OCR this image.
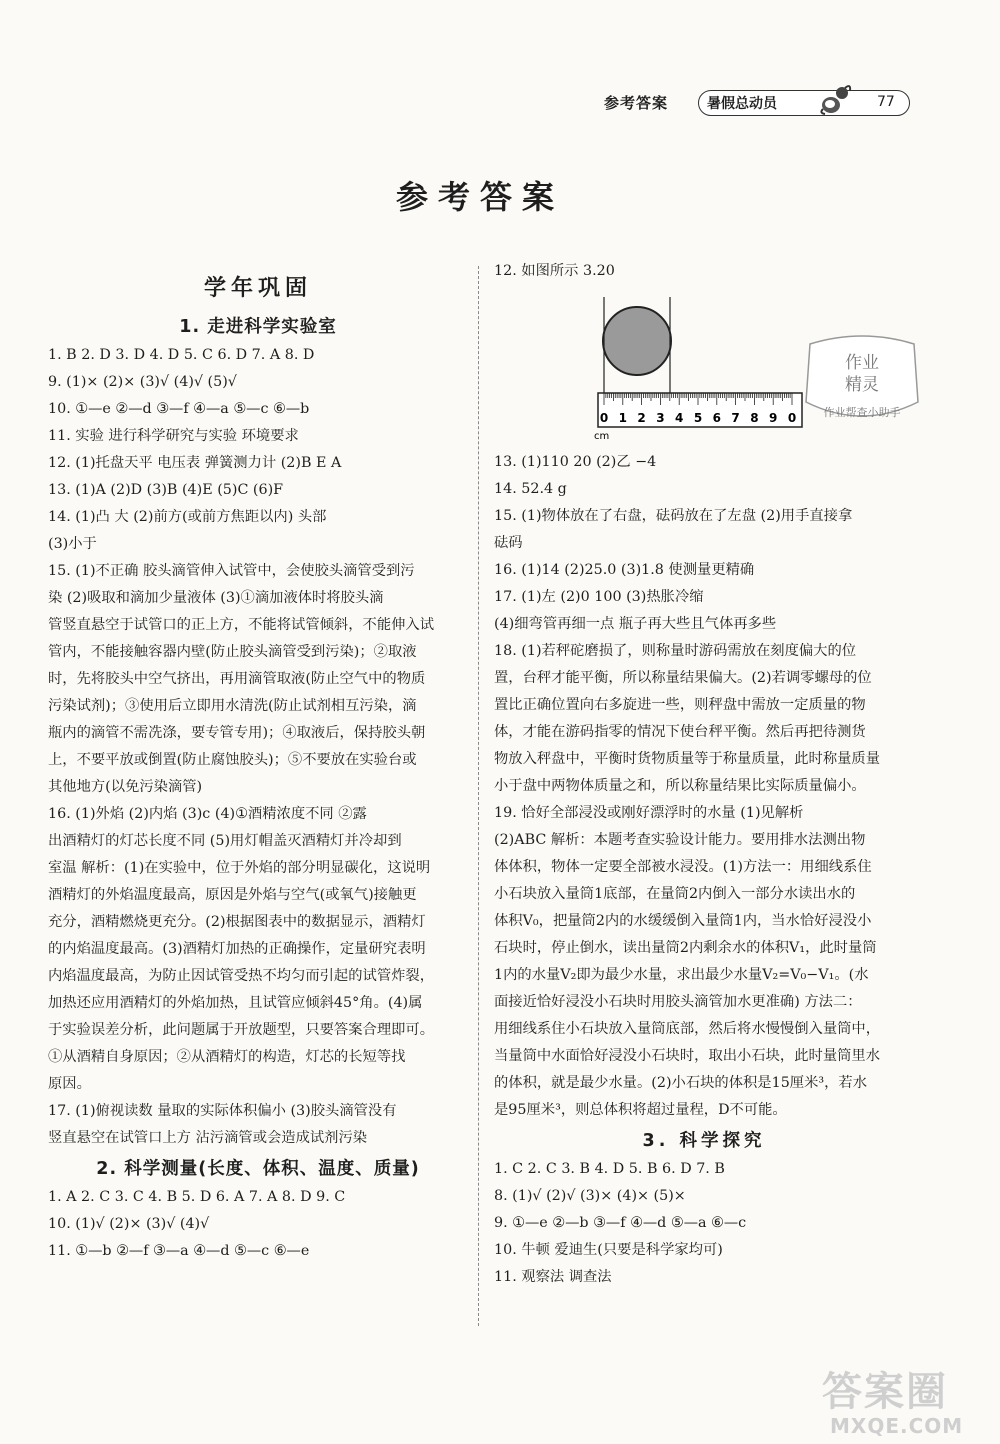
参考答案	暑假总动员	77
参考答案
学年巩固
1. 走进科学实验室
1. B 2. D 3. D 4. D 5. C 6. D 7. A 8. D
9. (1)× (2)× (3)√ (4)√ (5)√
10. ①—e ②—d ③—f ④—a ⑤—c ⑥—b
11. 实验 进行科学研究与实验 环境要求
12. (1)托盘天平 电压表 弹簧测力计 (2)B E A
13. (1)A (2)D (3)B (4)E (5)C (6)F
14. (1)凸 大 (2)前方(或前方焦距以内) 头部
(3)小于
15. (1)不正确 胶头滴管伸入试管中，会使胶头滴管受到污
染 (2)吸取和滴加少量液体 (3)①滴加液体时将胶头滴
管竖直悬空于试管口的正上方，不能将试管倾斜，不能伸入试
管内，不能接触容器内壁(防止胶头滴管受到污染)；②取液
时，先将胶头中空气挤出，再用滴管取液(防止空气中的物质
污染试剂)；③使用后立即用水清洗(防止试剂相互污染，滴
瓶内的滴管不需冼涤，要专管专用)；④取液后，保持胶头朝
上，不要平放或倒置(防止腐蚀胶头)；⑤不要放在实验台或
其他地方(以免污染滴管)
16. (1)外焰 (2)内焰 (3)c (4)①酒精浓度不同 ②露
出酒精灯的灯芯长度不同 (5)用灯帽盖灭酒精灯并冷却到
室温 解析：(1)在实验中，位于外焰的部分明显碳化，这说明
酒精灯的外焰温度最高，原因是外焰与空气(或氧气)接触更
充分，酒精燃烧更充分。(2)根据图表中的数据显示，酒精灯
的内焰温度最高。(3)酒精灯加热的正确操作，定量研究表明
内焰温度最高，为防止因试管受热不均匀而引起的试管炸裂，
加热还应用酒精灯的外焰加热，且试管应倾斜45°角。(4)属
于实验误差分析，此问题属于开放题型，只要答案合理即可。
①从酒精自身原因；②从酒精灯的构造，灯芯的长短等找
原因。
17. (1)俯视读数 量取的实际体积偏小 (3)胶头滴管没有
竖直悬空在试管口上方 沾污滴管或会造成试剂污染
2. 科学测量(长度、体积、温度、质量)
1. A 2. C 3. C 4. B 5. D 6. A 7. A 8. D 9. C
10. (1)√ (2)× (3)√ (4)√
11. ①—b ②—f ③—a ④—d ⑤—c ⑥—e
12. 如图所示 3.20
0 1 2 3 4 5 6 7 8 9 0
cm
13. (1)110 20 (2)乙 −4
14. 52.4 g
15. (1)物体放在了右盘，砝码放在了左盘 (2)用手直接拿
砝码
16. (1)14 (2)25.0 (3)1.8 使测量更精确
17. (1)左 (2)0 100 (3)热胀冷缩
(4)细弯管再细一点 瓶子再大些且气体再多些
18. (1)若秤砣磨损了，则称量时游码需放在刻度偏大的位
置，台秤才能平衡，所以称量结果偏大。(2)若调零螺母的位
置比正确位置向右多旋进一些，则秤盘中需放一定质量的物
体，才能在游码指零的情况下使台秤平衡。然后再把待测货
物放入秤盘中，平衡时货物质量等于称量质量，此时称量质量
小于盘中两物体质量之和，所以称量结果比实际质量偏小。
19. 恰好全部浸没或刚好漂浮时的水量 (1)见解析
(2)ABC 解析：本题考查实验设计能力。要用排水法测出物
体体积，物体一定要全部被水浸没。(1)方法一：用细线系住
小石块放入量筒1底部，在量筒2内倒入一部分水读出水的
体积V₀，把量筒2内的水缓缓倒入量筒1内，当水恰好浸没小
石块时，停止倒水，读出量筒2内剩余水的体积V₁，此时量筒
1内的水量V₂即为最少水量，求出最少水量V₂=V₀−V₁。(水
面接近恰好浸没小石块时用胶头滴管加水更准确) 方法二：
用细线系住小石块放入量筒底部，然后将水慢慢倒入量筒中，
当量筒中水面恰好浸没小石块时，取出小石块，此时量筒里水
的体积，就是最少水量。(2)小石块的体积是15厘米³，若水
是95厘米³，则总体积将超过量程，D不可能。
3. 科学探究
1. C 2. C 3. B 4. D 5. B 6. D 7. B
8. (1)√ (2)√ (3)× (4)× (5)×
9. ①—e ②—b ③—f ④—d ⑤—a ⑥—c
10. 牛顿 爱迪生(只要是科学家均可)
11. 观察法 调查法
作业
精灵
作业帮查小助手
答案圈
MXQE.COM
